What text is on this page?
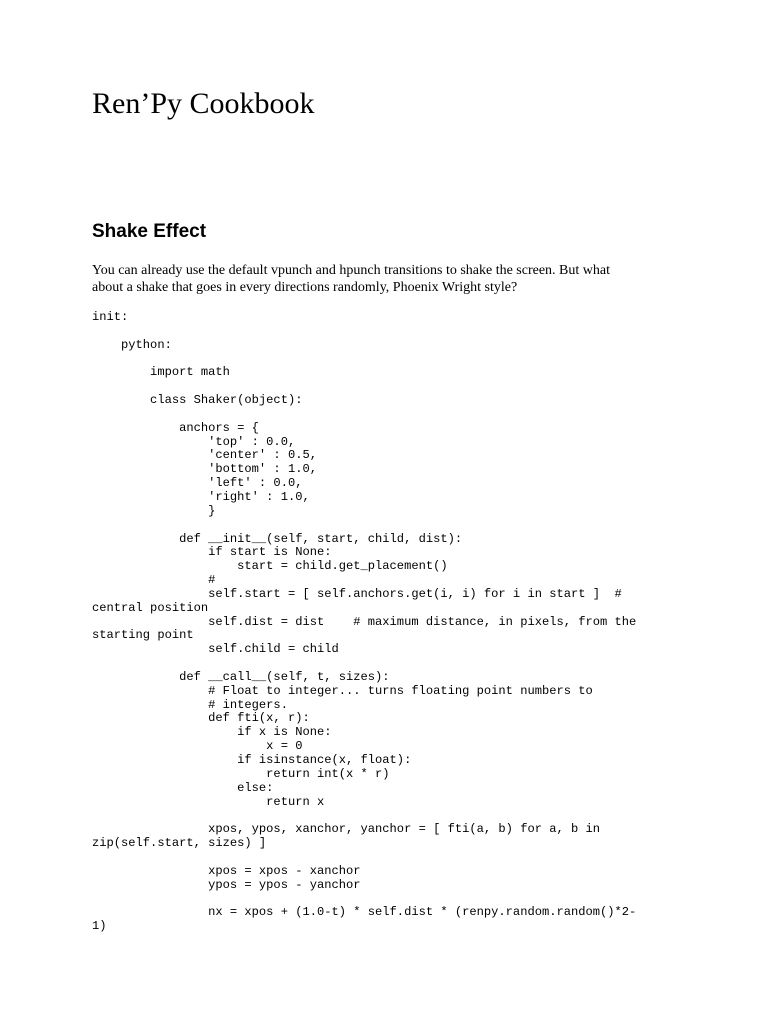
Ren’Py Cookbook
Shake Effect

You can already use the default vpunch and hpunch transitions to shake the screen. But what
about a shake that goes in every directions randomly, Phoenix Wright style?

init:
python:
import math
class Shaker(object):
anchors = {
'top' : 0.0,
'center' : 0.5,
'bottom' : 1.0,
'left' : 0.0,
'right' : 1.0,
}
def __init__(self, start, child, dist):
if start is None:
start = child.get_placement()
#
self.start = [ self.anchors.get(i, i) for i in start ]  #
central position
self.dist = dist    # maximum distance, in pixels, from the
starting point
self.child = child
def __call__(self, t, sizes):
# Float to integer... turns floating point numbers to
# integers.
def fti(x, r):
if x is None:
x = 0
if isinstance(x, float):
return int(x * r)
else:
return x
xpos, ypos, xanchor, yanchor = [ fti(a, b) for a, b in
zip(self.start, sizes) ]
xpos = xpos - xanchor
ypos = ypos - yanchor
nx = xpos + (1.0-t) * self.dist * (renpy.random.random()*2-
1)
